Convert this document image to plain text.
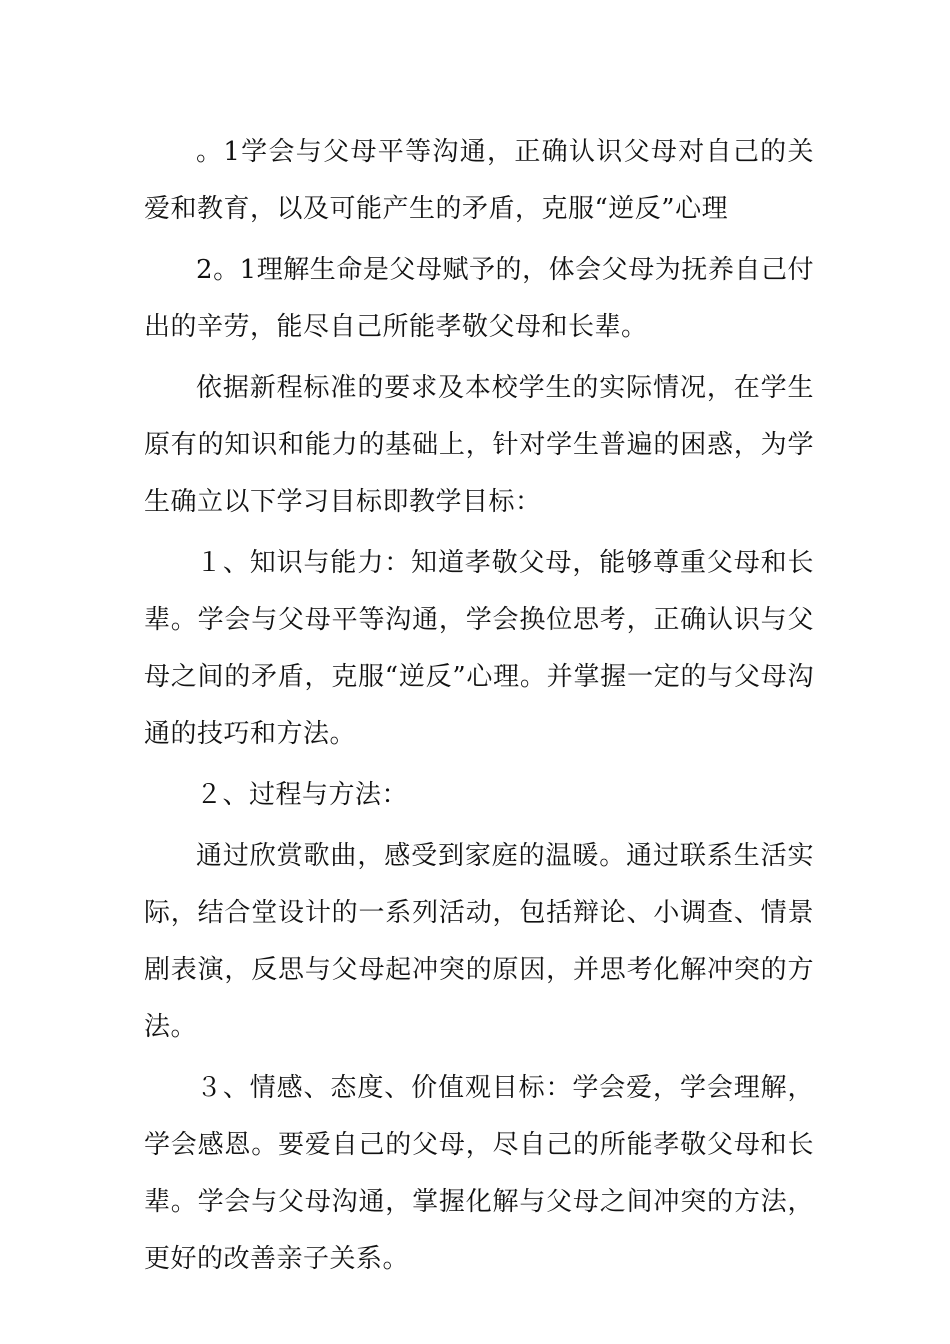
。1学会与父母平等沟通，正确认识父母对自己的关爱和教育，以及可能产生的矛盾，克服“逆反”心理

2。1理解生命是父母赋予的，体会父母为抚养自己付出的辛劳，能尽自己所能孝敬父母和长辈。

依据新程标准的要求及本校学生的实际情况，在学生原有的知识和能力的基础上，针对学生普遍的困惑，为学生确立以下学习目标即教学目标：

１、知识与能力：知道孝敬父母，能够尊重父母和长辈。学会与父母平等沟通，学会换位思考，正确认识与父母之间的矛盾，克服“逆反”心理。并掌握一定的与父母沟通的技巧和方法。

２、过程与方法：

通过欣赏歌曲，感受到家庭的温暖。通过联系生活实际，结合堂设计的一系列活动，包括辩论、小调查、情景剧表演，反思与父母起冲突的原因，并思考化解冲突的方法。

３、情感、态度、价值观目标：学会爱，学会理解，学会感恩。要爱自己的父母，尽自己的所能孝敬父母和长辈。学会与父母沟通，掌握化解与父母之间冲突的方法，更好的改善亲子关系。
